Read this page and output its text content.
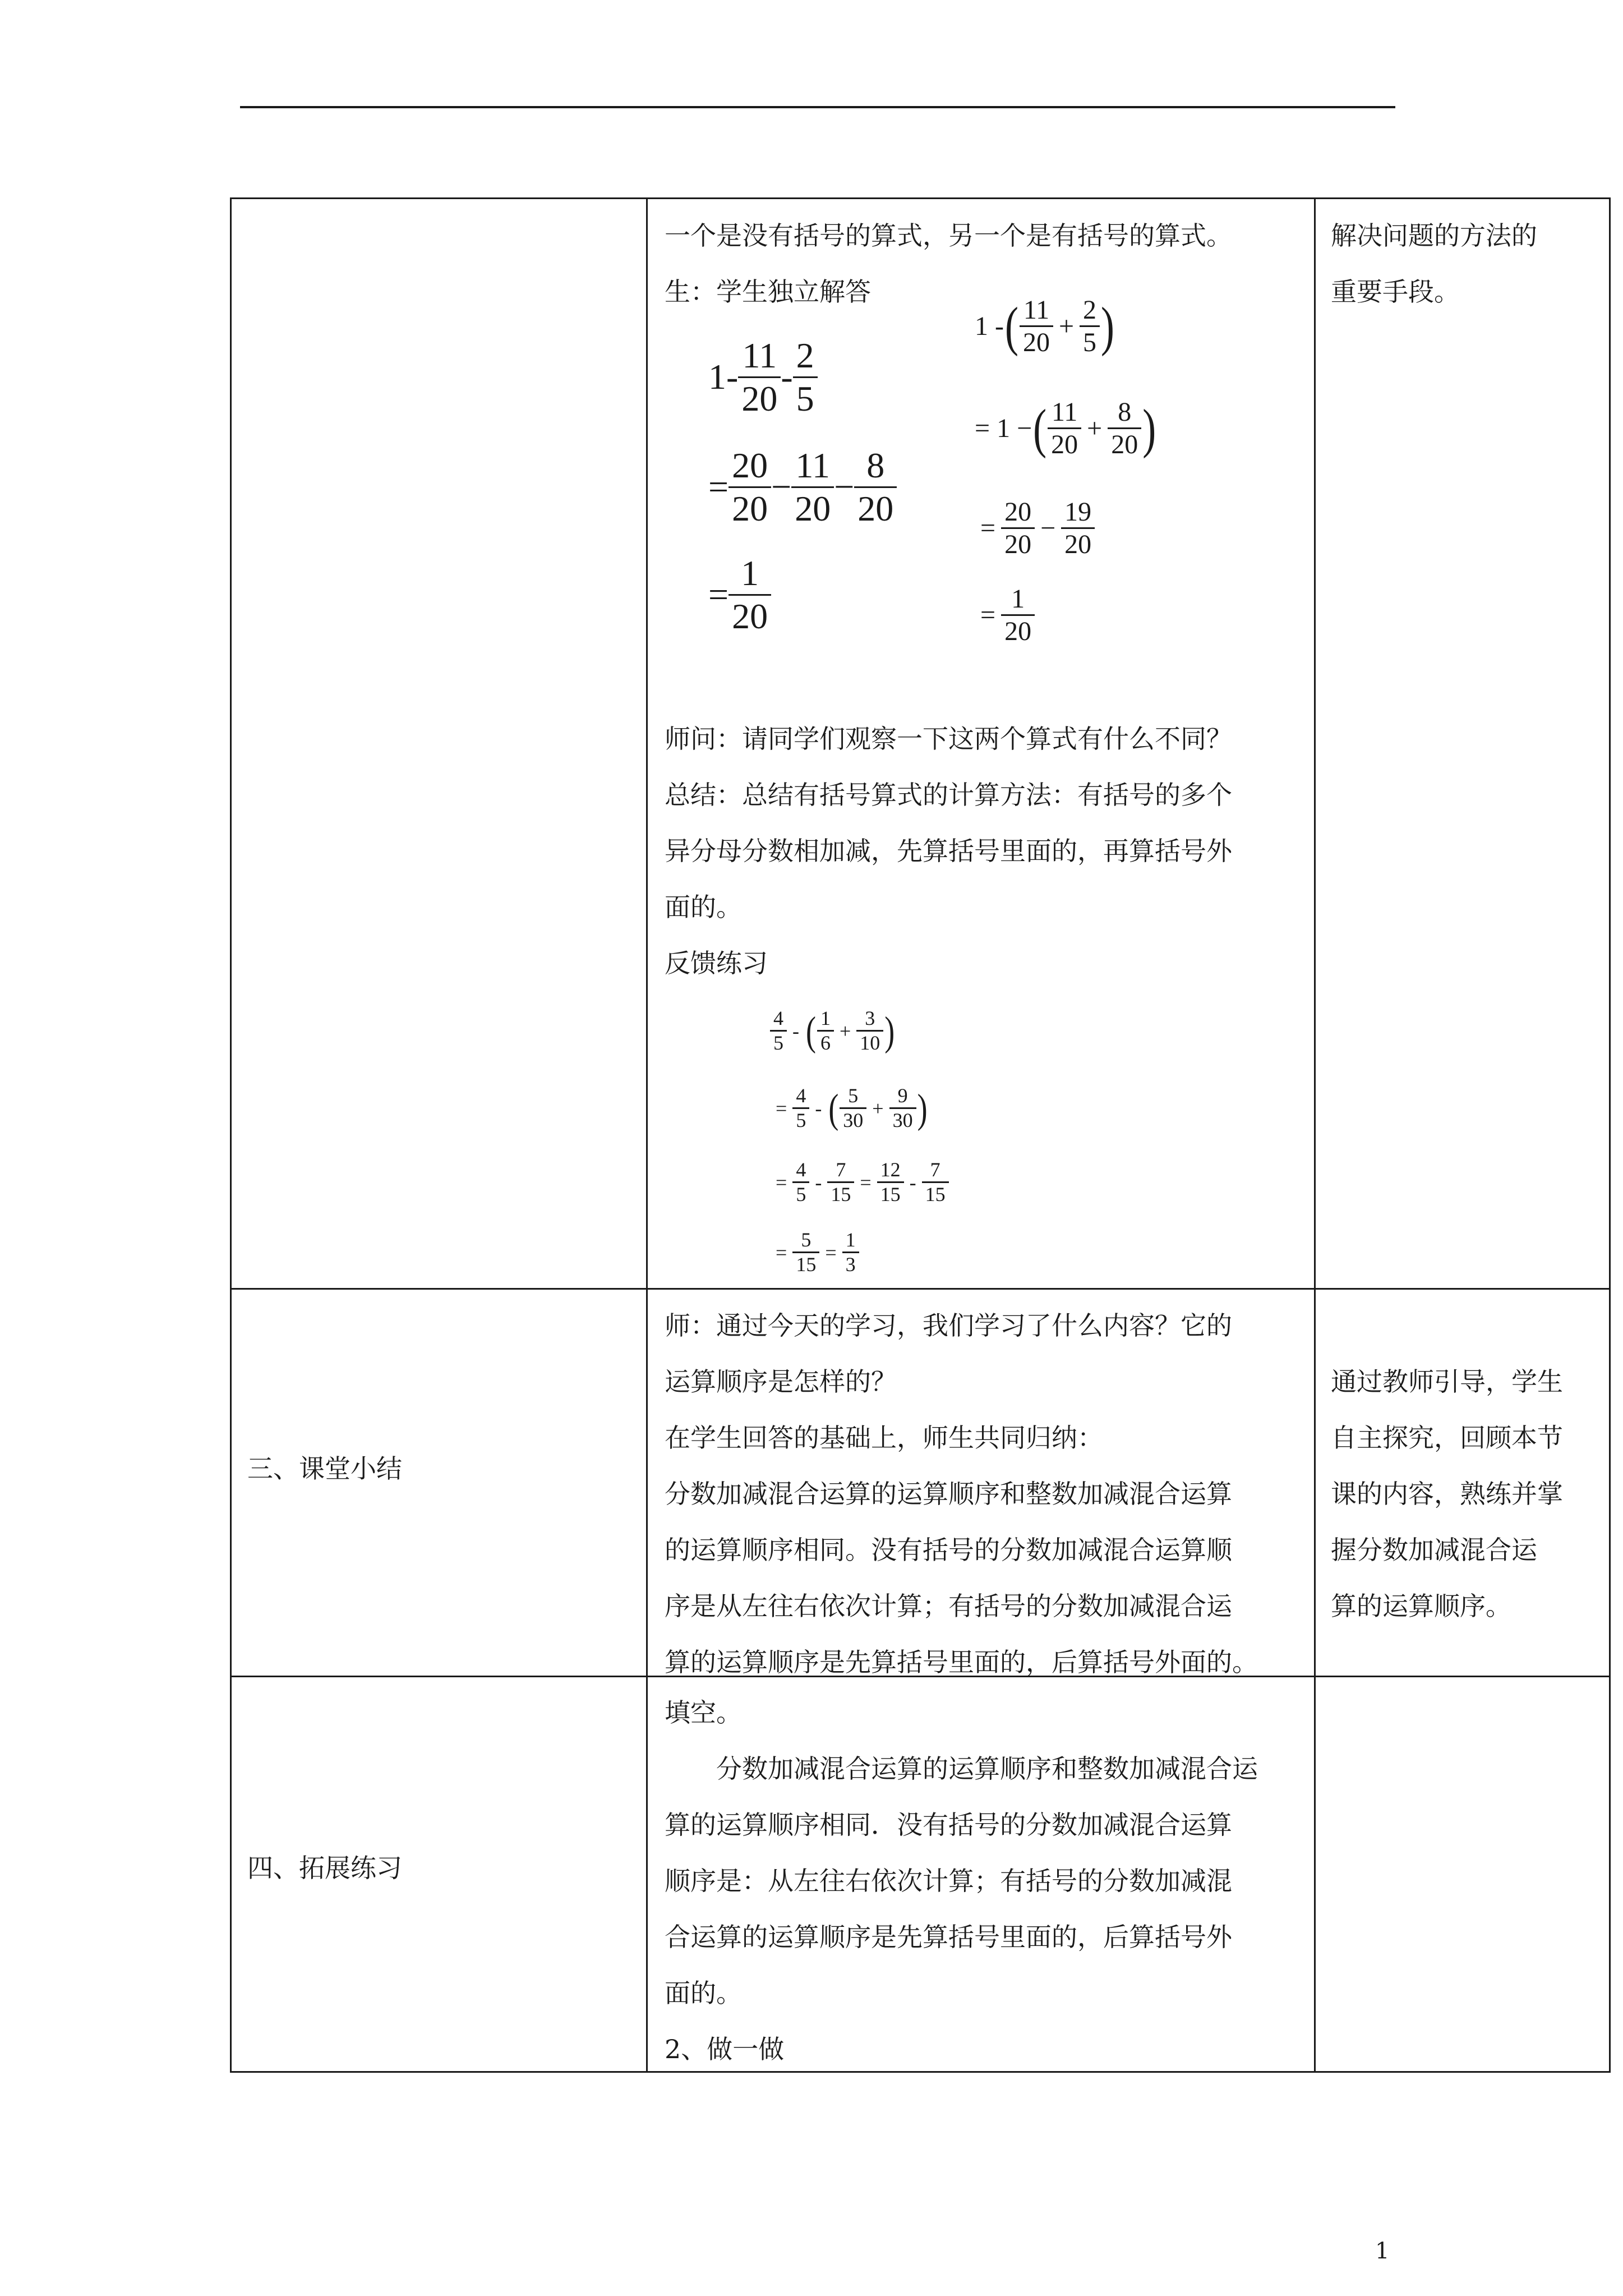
一个是没有括号的算式，另一个是有括号的算式。

生：学生独立解答

$1- \frac{11}{20} - \frac{2}{5}$
= $\frac{20}{20} - \frac{11}{20} - \frac{8}{20}$
= $\frac{1}{20}$
1 - ( $\frac{11}{20} + \frac{2}{5}$ )
= 1 − ( $\frac{11}{20} + \frac{8}{20}$ )
= $\frac{20}{20} - \frac{19}{20}$
= $\frac{1}{20}$

师问：请同学们观察一下这两个算式有什么不同？

总结：总结有括号算式的计算方法：有括号的多个

异分母分数相加减，先算括号里面的，再算括号外

面的。

反馈练习

$\frac{4}{5}$ - ( $\frac{1}{6} + \frac{3}{10}$ )
= $\frac{4}{5}$ - ( $\frac{5}{30} + \frac{9}{30}$ )
= $\frac{4}{5} - \frac{7}{15} = \frac{12}{15} - \frac{7}{15}$
= $\frac{5}{15} = \frac{1}{3}$

解决问题的方法的

重要手段。

三、课堂小结

师：通过今天的学习，我们学习了什么内容？它的

运算顺序是怎样的？

在学生回答的基础上，师生共同归纳：

分数加减混合运算的运算顺序和整数加减混合运算

的运算顺序相同。没有括号的分数加减混合运算顺

序是从左往右依次计算；有括号的分数加减混合运

算的运算顺序是先算括号里面的，后算括号外面的。

通过教师引导，学生

自主探究，回顾本节

课的内容，熟练并掌

握分数加减混合运

算的运算顺序。

四、拓展练习

填空。

　　分数加减混合运算的运算顺序和整数加减混合运

算的运算顺序相同．没有括号的分数加减混合运算

顺序是：从左往右依次计算；有括号的分数加减混

合运算的运算顺序是先算括号里面的，后算括号外

面的。

2、做一做

1
